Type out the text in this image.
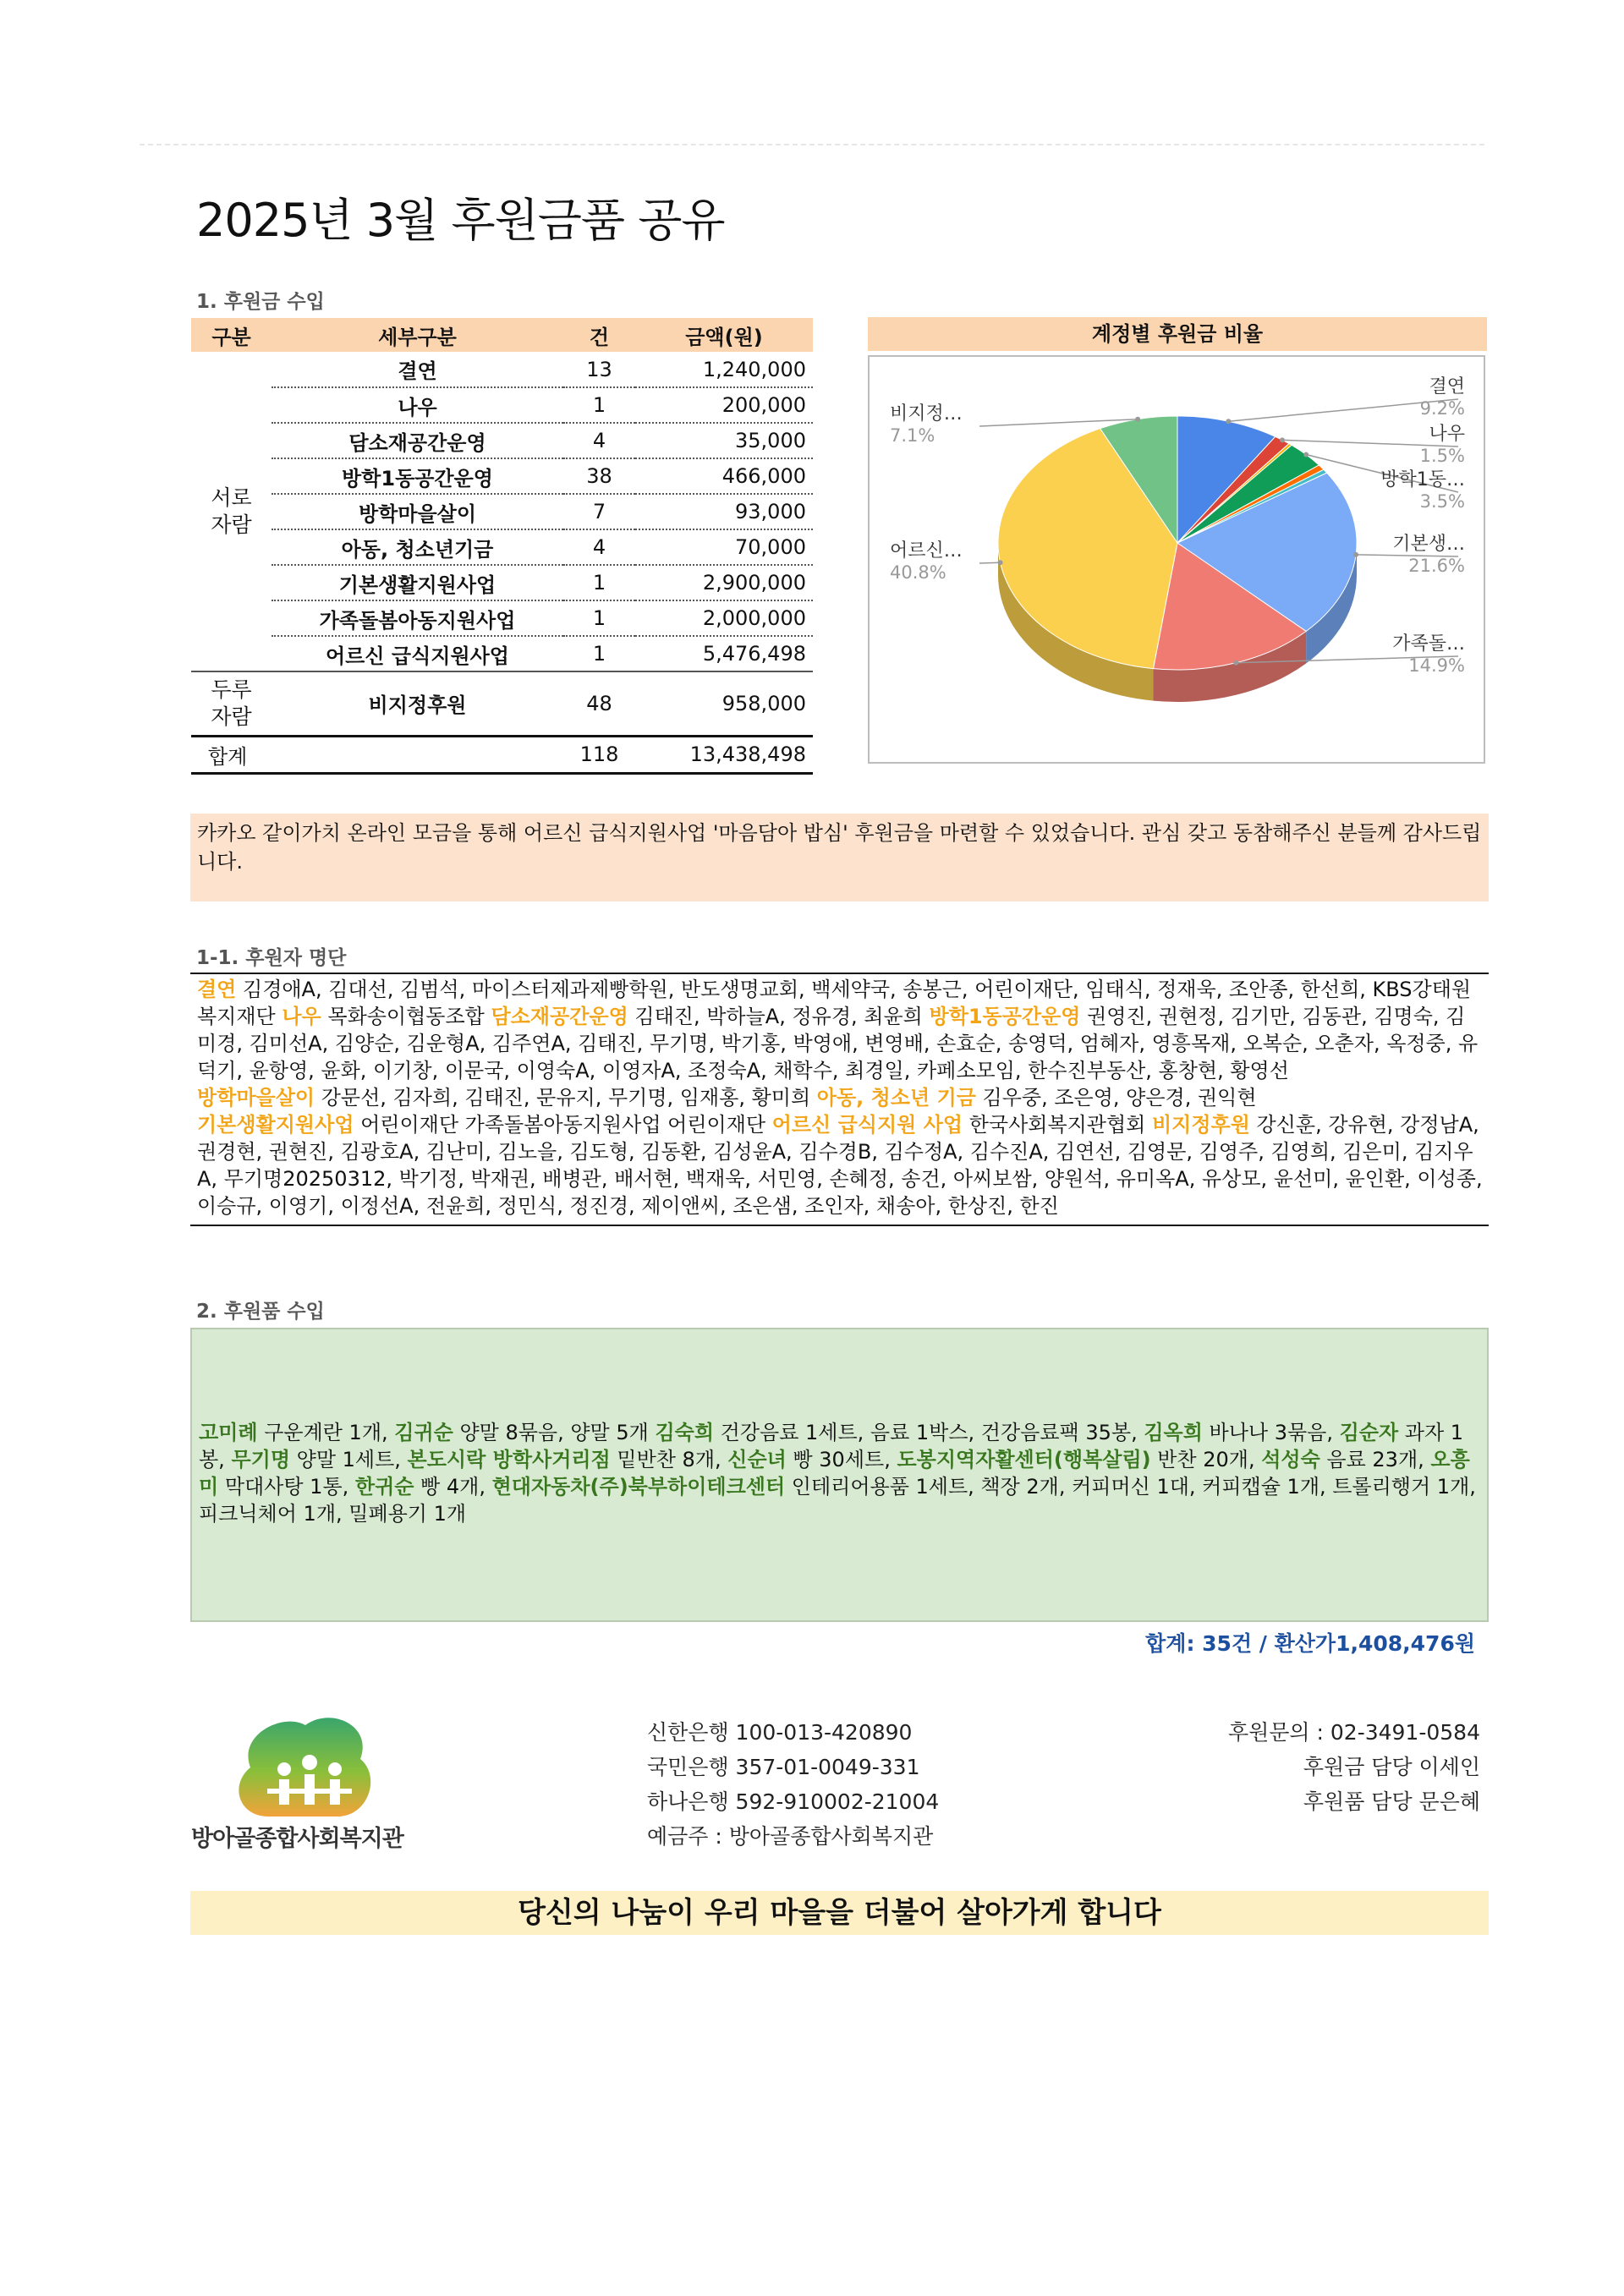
2025년 3월 후원금품 공유
1. 후원금 수입
구분	세부구분	건	금액(원)
서로 자람	결연	13	1,240,000
	나우	1	200,000
	담소재공간운영	4	35,000
	방학1동공간운영	38	466,000
	방학마을살이	7	93,000
	아동, 청소년기금	4	70,000
	기본생활지원사업	1	2,900,000
	가족돌봄아동지원사업	1	2,000,000
	어르신 급식지원사업	1	5,476,498
두루 자람	비지정후원	48	958,000
합계		118	13,438,498
계정별 후원금 비율
결연
9.2%
나우
1.5%
방학1동…
3.5%
기본생…
21.6%
가족돌…
14.9%
어르신…
40.8%
비지정…
7.1%
카카오 같이가치 온라인 모금을 통해 어르신 급식지원사업 '마음담아 밥심' 후원금을 마련할 수 있었습니다. 관심 갖고 동참해주신 분들께 감사드립니다.
1-1. 후원자 명단
결연 김경애A, 김대선, 김범석, 마이스터제과제빵학원, 반도생명교회, 백세약국, 송봉근, 어린이재단, 임태식, 정재욱, 조안종, 한선희, KBS강태원복지재단 나우 목화송이협동조합 담소재공간운영 김태진, 박하늘A, 정유경, 최윤희 방학1동공간운영 권영진, 권현정, 김기만, 김동관, 김명숙, 김미경, 김미선A, 김양순, 김운형A, 김주연A, 김태진, 무기명, 박기홍, 박영애, 변영배, 손효순, 송영덕, 엄혜자, 영흥목재, 오복순, 오춘자, 옥정중, 유덕기, 윤항영, 윤화, 이기창, 이문국, 이영숙A, 이영자A, 조정숙A, 채학수, 최경일, 카페소모임, 한수진부동산, 홍창현, 황영선
방학마을살이 강문선, 김자희, 김태진, 문유지, 무기명, 임재홍, 황미희 아동, 청소년 기금 김우중, 조은영, 양은경, 권익현
기본생활지원사업 어린이재단 가족돌봄아동지원사업 어린이재단 어르신 급식지원 사업 한국사회복지관협회 비지정후원 강신훈, 강유현, 강정남A, 권경현, 권현진, 김광호A, 김난미, 김노을, 김도형, 김동환, 김성윤A, 김수경B, 김수정A, 김수진A, 김연선, 김영문, 김영주, 김영희, 김은미, 김지우A, 무기명20250312, 박기정, 박재권, 배병관, 배서현, 백재욱, 서민영, 손혜정, 송건, 아씨보쌈, 양원석, 유미옥A, 유상모, 윤선미, 윤인환, 이성종, 이승규, 이영기, 이정선A, 전윤희, 정민식, 정진경, 제이앤씨, 조은샘, 조인자, 채송아, 한상진, 한진
2. 후원품 수입
고미례 구운계란 1개, 김귀순 양말 8묶음, 양말 5개 김숙희 건강음료 1세트, 음료 1박스, 건강음료팩 35봉, 김옥희 바나나 3묶음, 김순자 과자 1봉, 무기명 양말 1세트, 본도시락 방학사거리점 밑반찬 8개, 신순녀 빵 30세트, 도봉지역자활센터(행복살림) 반찬 20개, 석성숙 음료 23개, 오흥미 막대사탕 1통, 한귀순 빵 4개, 현대자동차(주)북부하이테크센터 인테리어용품 1세트, 책장 2개, 커피머신 1대, 커피캡슐 1개, 트롤리행거 1개, 피크닉체어 1개, 밀폐용기 1개
합계: 35건 / 환산가1,408,476원
방아골종합사회복지관
신한은행 100-013-420890
국민은행 357-01-0049-331
하나은행 592-910002-21004
예금주 : 방아골종합사회복지관
후원문의 : 02-3491-0584
후원금 담당 이세인
후원품 담당 문은혜
당신의 나눔이 우리 마을을 더불어 살아가게 합니다
